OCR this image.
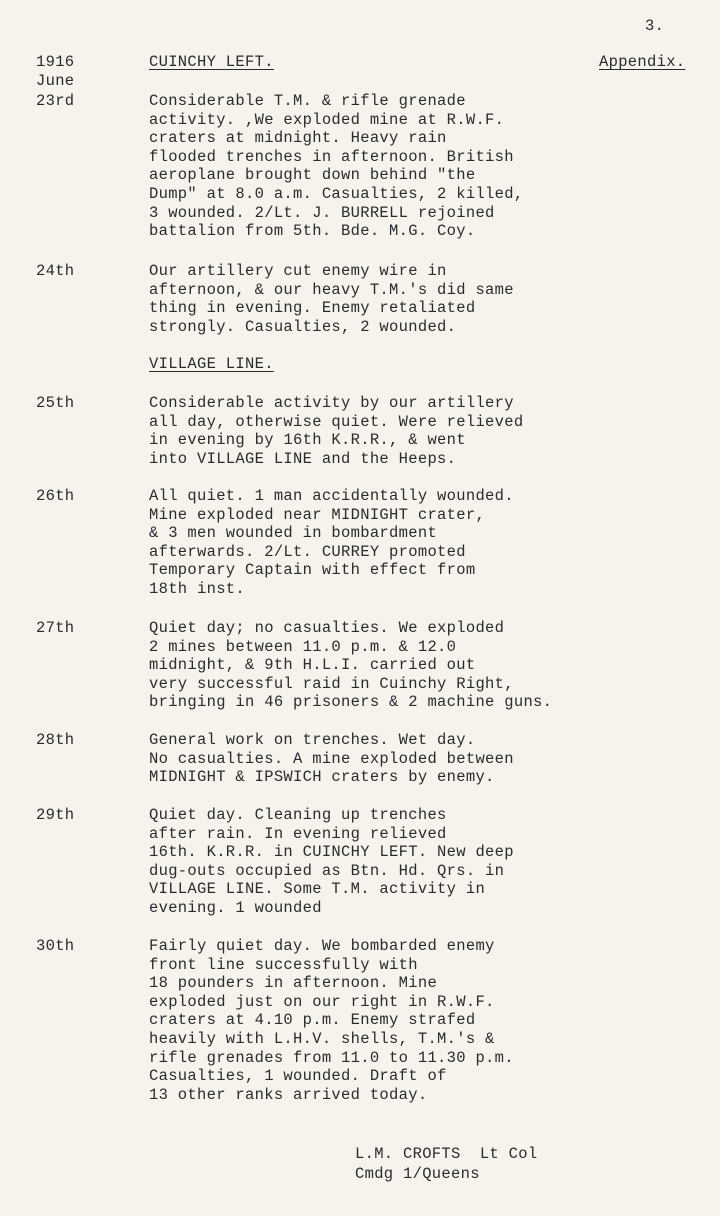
3.
1916
June
CUINCHY LEFT.	Appendix.
23rd	Considerable T.M. & rifle grenade
activity. ,We exploded mine at R.W.F.
craters at midnight. Heavy rain
flooded trenches in afternoon. British
aeroplane brought down behind "the
Dump" at 8.0 a.m. Casualties, 2 killed,
3 wounded. 2/Lt. J. BURRELL rejoined
battalion from 5th. Bde. M.G. Coy.
24th	Our artillery cut enemy wire in
afternoon, & our heavy T.M.'s did same
thing in evening. Enemy retaliated
strongly. Casualties, 2 wounded.
VILLAGE LINE.
25th	Considerable activity by our artillery
all day, otherwise quiet. Were relieved
in evening by 16th K.R.R., & went
into VILLAGE LINE and the Heeps.
26th	All quiet. 1 man accidentally wounded.
Mine exploded near MIDNIGHT crater,
& 3 men wounded in bombardment
afterwards. 2/Lt. CURREY promoted
Temporary Captain with effect from
18th inst.
27th	Quiet day; no casualties. We exploded
2 mines between 11.0 p.m. & 12.0
midnight, & 9th H.L.I. carried out
very successful raid in Cuinchy Right,
bringing in 46 prisoners & 2 machine guns.
28th	General work on trenches. Wet day.
No casualties. A mine exploded between
MIDNIGHT & IPSWICH craters by enemy.
29th	Quiet day. Cleaning up trenches
after rain. In evening relieved
16th. K.R.R. in CUINCHY LEFT. New deep
dug-outs occupied as Btn. Hd. Qrs. in
VILLAGE LINE. Some T.M. activity in
evening. 1 wounded
30th	Fairly quiet day. We bombarded enemy
front line successfully with
18 pounders in afternoon. Mine
exploded just on our right in R.W.F.
craters at 4.10 p.m. Enemy strafed
heavily with L.H.V. shells, T.M.'s &
rifle grenades from 11.0 to 11.30 p.m.
Casualties, 1 wounded. Draft of
13 other ranks arrived today.
L.M. CROFTS  Lt Col
Cmdg 1/Queens
